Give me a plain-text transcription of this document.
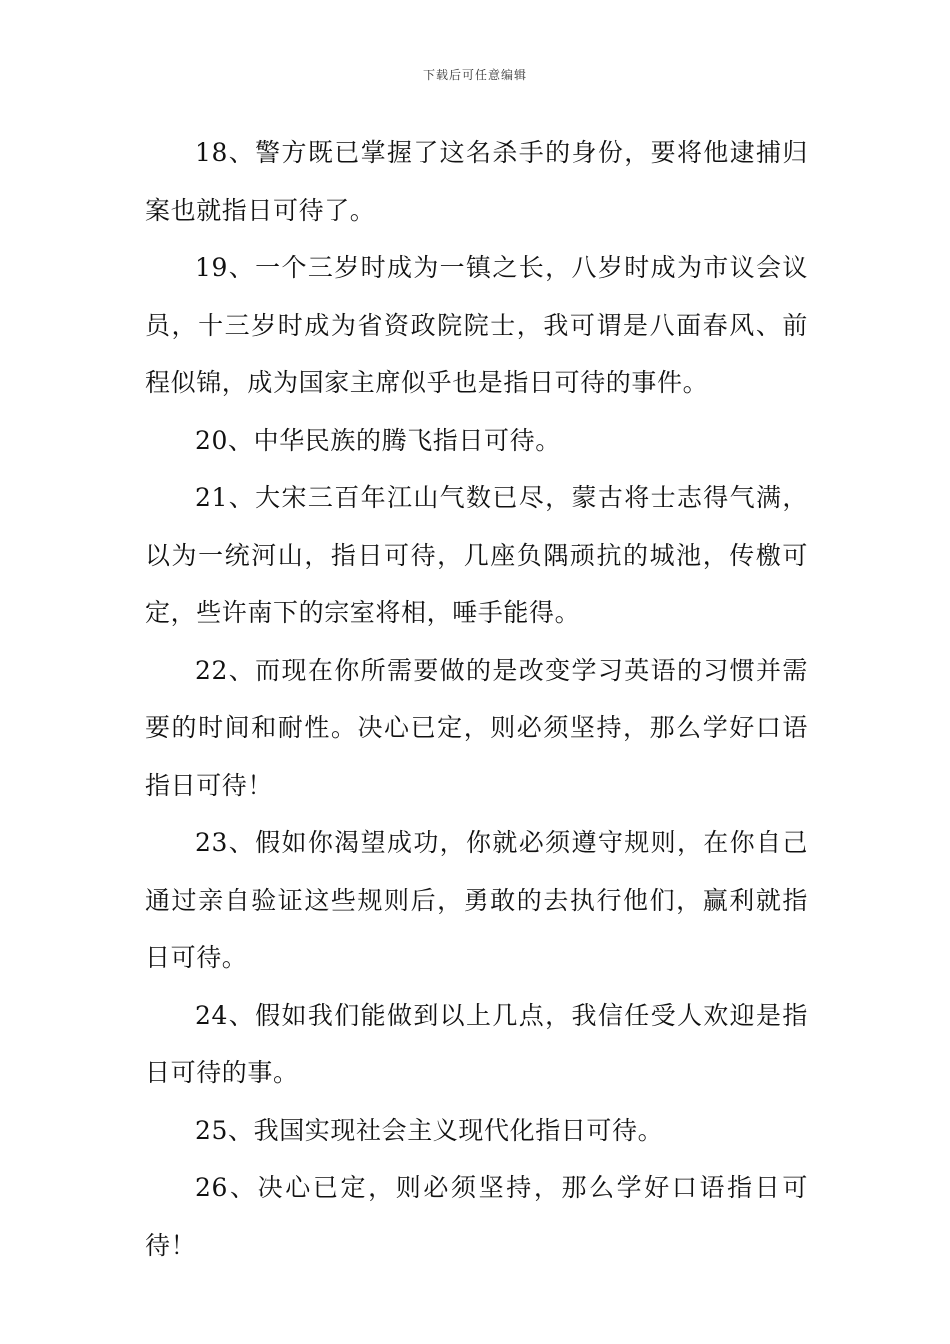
下载后可任意编辑

18、警方既已掌握了这名杀手的身份，要将他逮捕归案也就指日可待了。

19、一个三岁时成为一镇之长，八岁时成为市议会议员，十三岁时成为省资政院院士，我可谓是八面春风、前程似锦，成为国家主席似乎也是指日可待的事件。

20、中华民族的腾飞指日可待。

21、大宋三百年江山气数已尽，蒙古将士志得气满，以为一统河山，指日可待，几座负隅顽抗的城池，传檄可定，些许南下的宗室将相，唾手能得。

22、而现在你所需要做的是改变学习英语的习惯并需要的时间和耐性。决心已定，则必须坚持，那么学好口语指日可待！

23、假如你渴望成功，你就必须遵守规则，在你自己通过亲自验证这些规则后，勇敢的去执行他们，赢利就指日可待。

24、假如我们能做到以上几点，我信任受人欢迎是指日可待的事。

25、我国实现社会主义现代化指日可待。

26、决心已定，则必须坚持，那么学好口语指日可待！
